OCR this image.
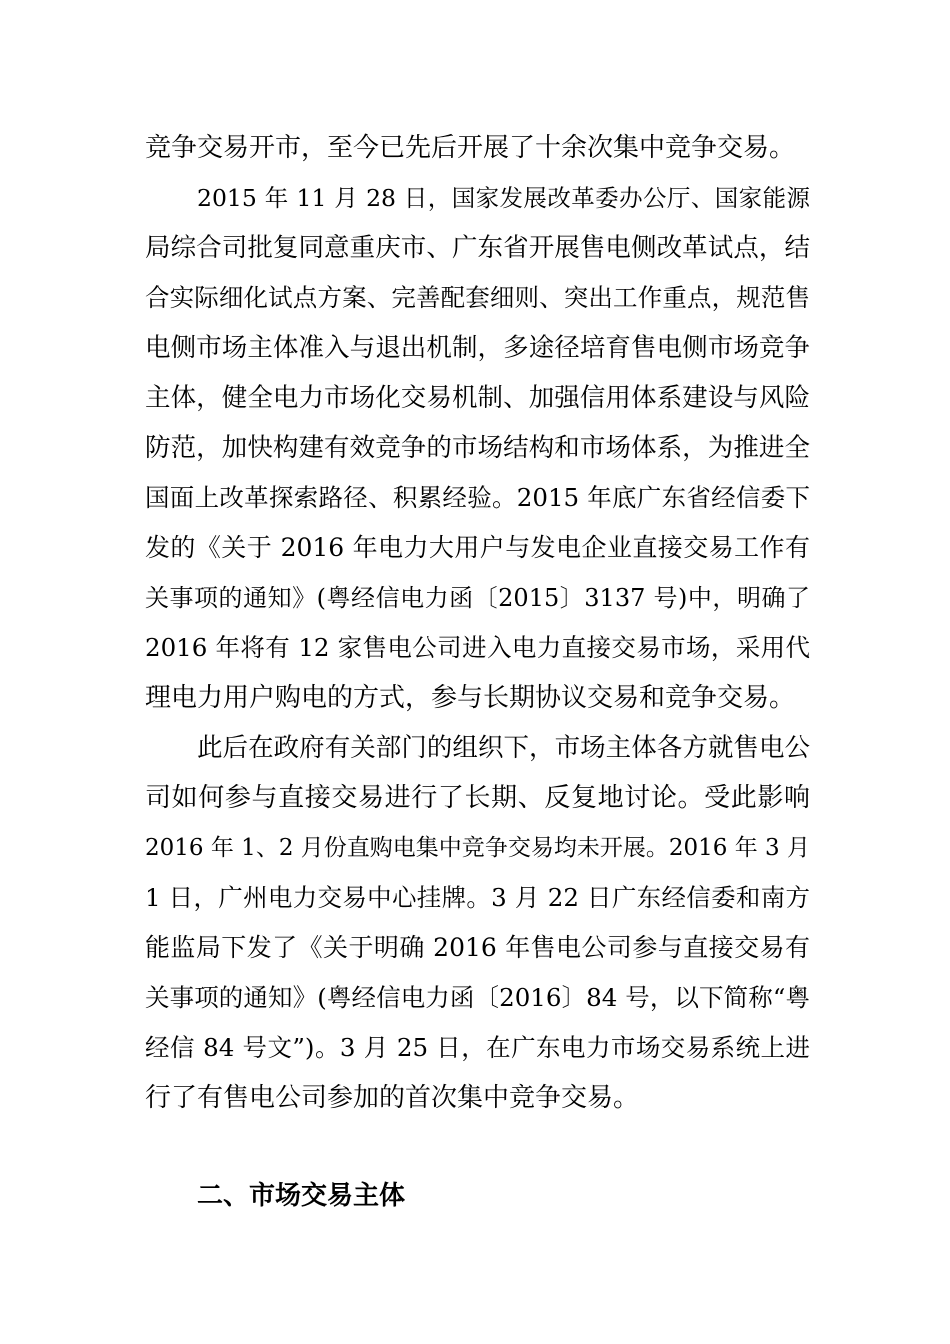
竞争交易开市，至今已先后开展了十余次集中竞争交易。
2015 年 11 月 28 日，国家发展改革委办公厅、国家能源
局综合司批复同意重庆市、广东省开展售电侧改革试点，结
合实际细化试点方案、完善配套细则、突出工作重点，规范售
电侧市场主体准入与退出机制，多途径培育售电侧市场竞争
主体，健全电力市场化交易机制、加强信用体系建设与风险
防范，加快构建有效竞争的市场结构和市场体系，为推进全
国面上改革探索路径、积累经验。2015 年底广东省经信委下
发的《关于 2016 年电力大用户与发电企业直接交易工作有
关事项的通知》(粤经信电力函〔2015〕3137 号)中，明确了
2016 年将有 12 家售电公司进入电力直接交易市场，采用代
理电力用户购电的方式，参与长期协议交易和竞争交易。
此后在政府有关部门的组织下，市场主体各方就售电公
司如何参与直接交易进行了长期、反复地讨论。受此影响
2016 年 1、2 月份直购电集中竞争交易均未开展。2016 年 3 月
1 日，广州电力交易中心挂牌。3 月 22 日广东经信委和南方
能监局下发了《关于明确 2016 年售电公司参与直接交易有
关事项的通知》(粤经信电力函〔2016〕84 号，以下简称“粤
经信 84 号文”)。3 月 25 日，在广东电力市场交易系统上进
行了有售电公司参加的首次集中竞争交易。
二、市场交易主体
